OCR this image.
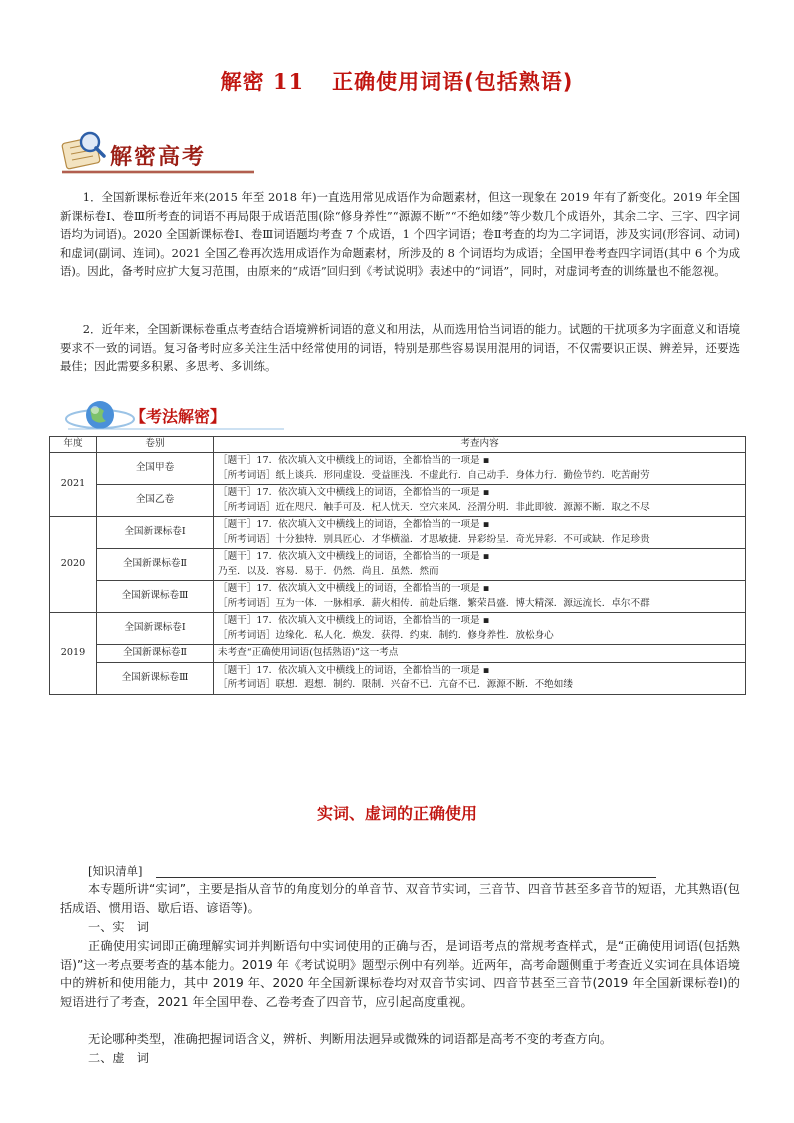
解密 11 正确使用词语(包括熟语)
解密高考
1．全国新课标卷近年来(2015 年至 2018 年)一直选用常见成语作为命题素材，但这一现象在 2019 年有了新变化。2019 年全国新课标卷Ⅰ、卷Ⅲ所考查的词语不再局限于成语范围(除“修身养性”“源源不断”“不绝如缕”等少数几个成语外，其余二字、三字、四字词语均为词语)。2020 全国新课标卷Ⅰ、卷Ⅲ词语题均考查 7 个成语，1 个四字词语；卷Ⅱ考查的均为二字词语，涉及实词(形容词、动词)和虚词(副词、连词)。2021 全国乙卷再次选用成语作为命题素材，所涉及的 8 个词语均为成语；全国甲卷考查四字词语(其中 6 个为成语)。因此，备考时应扩大复习范围，由原来的“成语”回归到《考试说明》表述中的“词语”，同时，对虚词考查的训练量也不能忽视。
2．近年来，全国新课标卷重点考查结合语境辨析词语的意义和用法，从而选用恰当词语的能力。试题的干扰项多为字面意义和语境要求不一致的词语。复习备考时应多关注生活中经常使用的词语，特别是那些容易误用混用的词语，不仅需要识正误、辨差异，还要选最佳；因此需要多积累、多思考、多训练。
【考法解密】
年度	卷别	考查内容
2021	全国甲卷	［题干］17．依次填入文中横线上的词语，全都恰当的一项是 ▪
［所考词语］纸上谈兵．形同虚设．受益匪浅．不虚此行．自己动手．身体力行．勤俭节约．吃苦耐劳
	全国乙卷	［题干］17．依次填入文中横线上的词语，全都恰当的一项是 ▪
［所考词语］近在咫尺．触手可及．杞人忧天．空穴来风．泾渭分明．非此即彼．源源不断．取之不尽
2020	全国新课标卷Ⅰ	［题干］17．依次填入文中横线上的词语，全都恰当的一项是 ▪
［所考词语］十分独特．别具匠心．才华横溢．才思敏捷．异彩纷呈．奇光异彩．不可或缺．作足珍贵
	全国新课标卷Ⅱ	［题干］17．依次填入文中横线上的词语，全都恰当的一项是 ▪
乃至．以及．容易．易于．仍然．尚且．虽然．然而
	全国新课标卷Ⅲ	［题干］17．依次填入文中横线上的词语，全都恰当的一项是 ▪
［所考词语］互为一体．一脉相承．薪火相传．前赴后继．繁荣昌盛．博大精深．源远流长．卓尔不群
2019	全国新课标卷Ⅰ	［题干］17．依次填入文中横线上的词语，全都恰当的一项是 ▪
［所考词语］边缘化．私人化．焕发．获得．约束．制约．修身养性．放松身心
	全国新课标卷Ⅱ	未考查“正确使用词语(包括熟语)”这一考点
	全国新课标卷Ⅲ	［题干］17．依次填入文中横线上的词语，全都恰当的一项是 ▪
［所考词语］联想．遐想．制约．限制．兴奋不已．亢奋不已．源源不断．不绝如缕
实词、虚词的正确使用
[知识清单]
本专题所讲“实词”，主要是指从音节的角度划分的单音节、双音节实词，三音节、四音节甚至多音节的短语，尤其熟语(包括成语、惯用语、歇后语、谚语等)。
一、实　词
正确使用实词即正确理解实词并判断语句中实词使用的正确与否，是词语考点的常规考查样式，是“正确使用词语(包括熟语)”这一考点要考查的基本能力。2019 年《考试说明》题型示例中有列举。近两年，高考命题侧重于考查近义实词在具体语境中的辨析和使用能力，其中 2019 年、2020 年全国新课标卷均对双音节实词、四音节甚至三音节(2019 年全国新课标卷Ⅰ)的短语进行了考查，2021 年全国甲卷、乙卷考查了四音节，应引起高度重视。
无论哪种类型，准确把握词语含义，辨析、判断用法迥异或微殊的词语都是高考不变的考查方向。
二、虚　词
